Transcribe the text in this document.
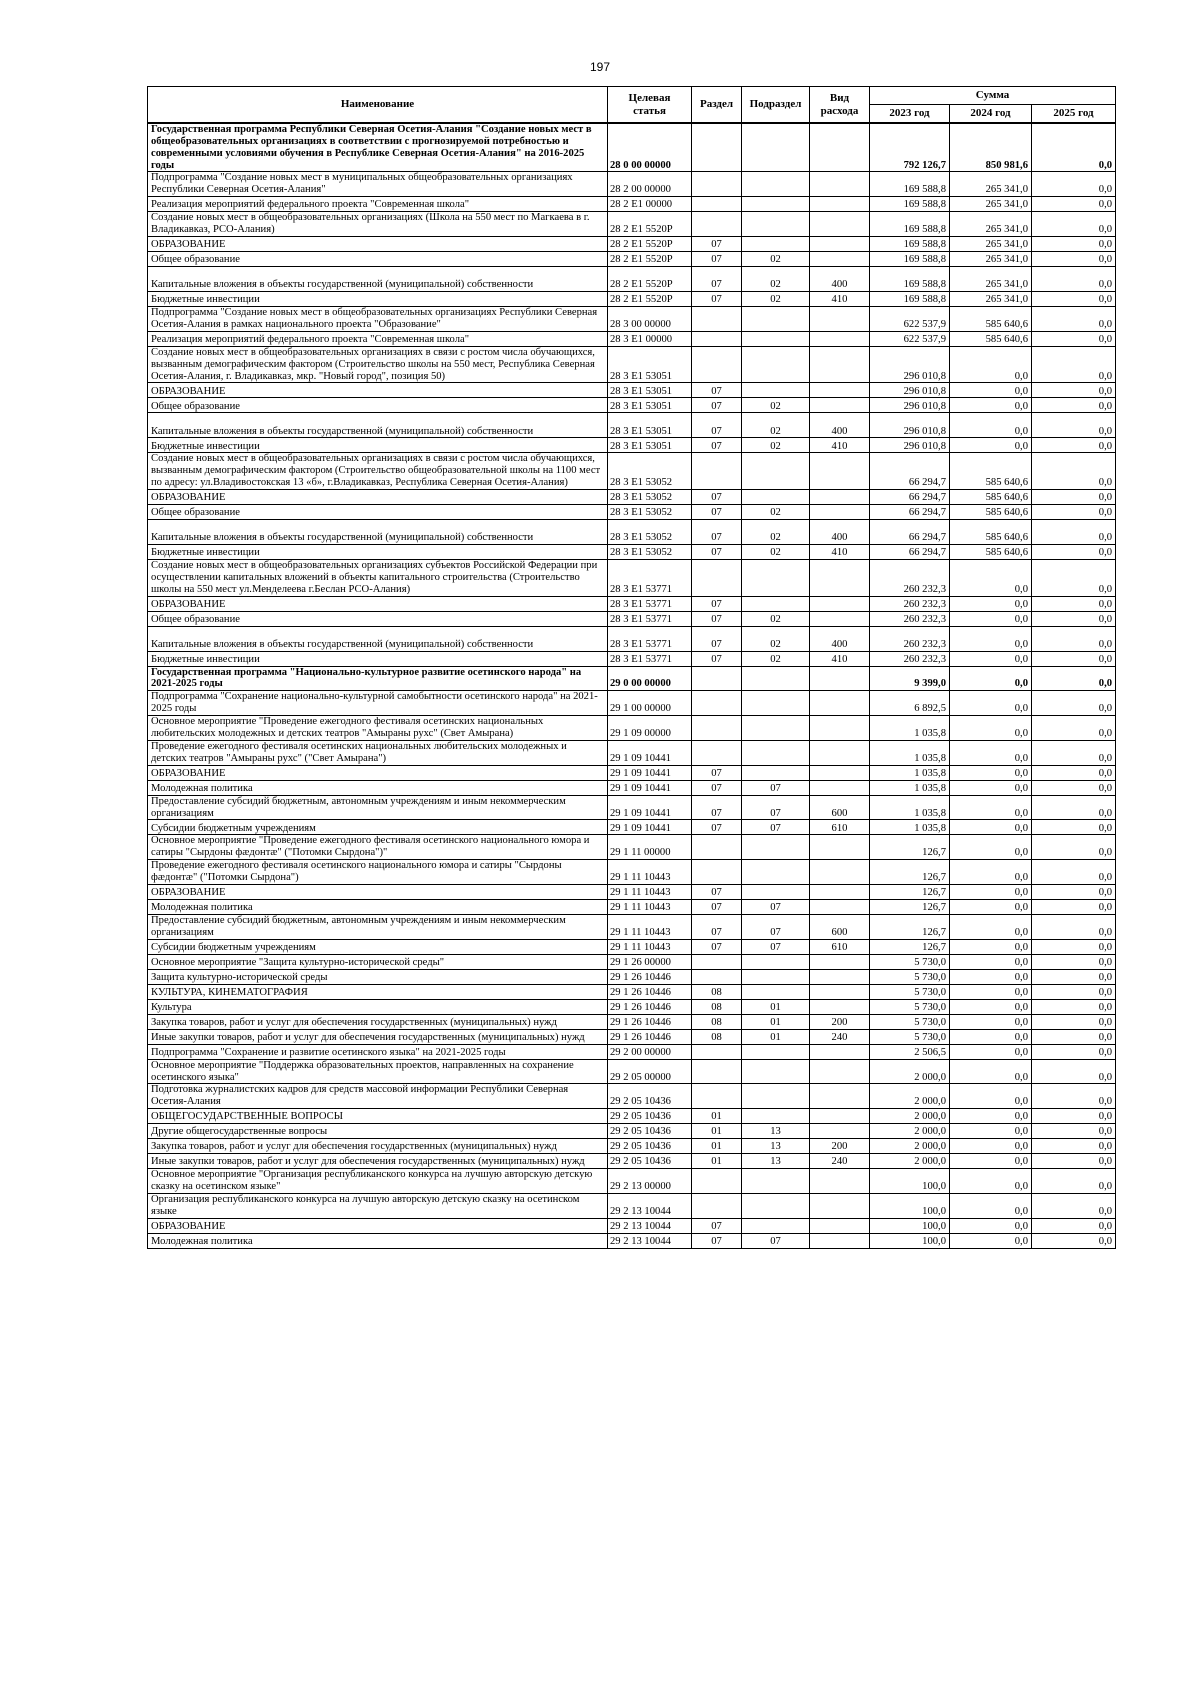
197
Наименование	Целевая статья	Раздел	Подраздел	Вид расхода	Сумма		
					2023 год	2024 год	2025 год
Государственная программа Республики Северная Осетия-Алания "Создание новых мест в общеобразовательных организациях в соответствии с прогнозируемой потребностью и современными условиями обучения в Республике Северная Осетия-Алания" на 2016-2025 годы	28 0 00 00000				792 126,7	850 981,6	0,0
Подпрограмма "Создание новых мест в муниципальных общеобразовательных организациях Республики Северная Осетия-Алания"	28 2 00 00000				169 588,8	265 341,0	0,0
Реализация мероприятий федерального проекта "Современная школа"	28 2 E1 00000				169 588,8	265 341,0	0,0
Создание новых мест в общеобразовательных организациях (Школа на 550 мест по Магкаева в г. Владикавказ, РСО-Алания)	28 2 E1 5520P				169 588,8	265 341,0	0,0
ОБРАЗОВАНИЕ	28 2 E1 5520P	07			169 588,8	265 341,0	0,0
Общее образование	28 2 E1 5520P	07	02		169 588,8	265 341,0	0,0
Капитальные вложения в объекты государственной (муниципальной) собственности	28 2 E1 5520P	07	02	400	169 588,8	265 341,0	0,0
Бюджетные инвестиции	28 2 E1 5520P	07	02	410	169 588,8	265 341,0	0,0
Подпрограмма "Создание новых мест в общеобразовательных организациях Республики Северная Осетия-Алания в рамках национального проекта "Образование"	28 3 00 00000				622 537,9	585 640,6	0,0
Реализация мероприятий федерального проекта "Современная школа"	28 3 E1 00000				622 537,9	585 640,6	0,0
Создание новых мест в общеобразовательных организациях в связи с ростом числа обучающихся, вызванным демографическим фактором (Строительство школы на 550 мест, Республика Северная Осетия-Алания, г. Владикавказ, мкр. "Новый город", позиция 50)	28 3 E1 53051				296 010,8	0,0	0,0
ОБРАЗОВАНИЕ	28 3 E1 53051	07			296 010,8	0,0	0,0
Общее образование	28 3 E1 53051	07	02		296 010,8	0,0	0,0
Капитальные вложения в объекты государственной (муниципальной) собственности	28 3 E1 53051	07	02	400	296 010,8	0,0	0,0
Бюджетные инвестиции	28 3 E1 53051	07	02	410	296 010,8	0,0	0,0
Создание новых мест в общеобразовательных организациях в связи с ростом числа обучающихся, вызванным демографическим фактором (Строительство общеобразовательной школы на 1100 мест по адресу: ул.Владивостокская 13 «б», г.Владикавказ, Республика Северная Осетия-Алания)	28 3 E1 53052				66 294,7	585 640,6	0,0
ОБРАЗОВАНИЕ	28 3 E1 53052	07			66 294,7	585 640,6	0,0
Общее образование	28 3 E1 53052	07	02		66 294,7	585 640,6	0,0
Капитальные вложения в объекты государственной (муниципальной) собственности	28 3 E1 53052	07	02	400	66 294,7	585 640,6	0,0
Бюджетные инвестиции	28 3 E1 53052	07	02	410	66 294,7	585 640,6	0,0
Создание новых мест в общеобразовательных организациях субъектов Российской Федерации при осуществлении капитальных вложений в объекты капитального строительства (Строительство школы на 550 мест ул.Менделеева г.Беслан РСО-Алания)	28 3 E1 53771				260 232,3	0,0	0,0
ОБРАЗОВАНИЕ	28 3 E1 53771	07			260 232,3	0,0	0,0
Общее образование	28 3 E1 53771	07	02		260 232,3	0,0	0,0
Капитальные вложения в объекты государственной (муниципальной) собственности	28 3 E1 53771	07	02	400	260 232,3	0,0	0,0
Бюджетные инвестиции	28 3 E1 53771	07	02	410	260 232,3	0,0	0,0
Государственная программа "Национально-культурное развитие осетинского народа" на 2021-2025 годы	29 0 00 00000				9 399,0	0,0	0,0
Подпрограмма "Сохранение национально-культурной самобытности осетинского народа" на 2021-2025 годы	29 1 00 00000				6 892,5	0,0	0,0
Основное мероприятие "Проведение ежегодного фестиваля осетинских национальных любительских молодежных и детских театров "Амыраны рухс" (Свет Амырана)	29 1 09 00000				1 035,8	0,0	0,0
Проведение ежегодного фестиваля осетинских национальных любительских молодежных и детских театров "Амыраны рухс" ("Свет Амырана")	29 1 09 10441				1 035,8	0,0	0,0
ОБРАЗОВАНИЕ	29 1 09 10441	07			1 035,8	0,0	0,0
Молодежная политика	29 1 09 10441	07	07		1 035,8	0,0	0,0
Предоставление субсидий бюджетным, автономным учреждениям и иным некоммерческим организациям	29 1 09 10441	07	07	600	1 035,8	0,0	0,0
Субсидии бюджетным учреждениям	29 1 09 10441	07	07	610	1 035,8	0,0	0,0
Основное мероприятие "Проведение ежегодного фестиваля осетинского национального юмора и сатиры "Сырдоны фæдонтæ" ("Потомки Сырдона")"	29 1 11 00000				126,7	0,0	0,0
Проведение ежегодного фестиваля осетинского национального юмора и сатиры "Сырдоны фæдонтæ" ("Потомки Сырдона")	29 1 11 10443				126,7	0,0	0,0
ОБРАЗОВАНИЕ	29 1 11 10443	07			126,7	0,0	0,0
Молодежная политика	29 1 11 10443	07	07		126,7	0,0	0,0
Предоставление субсидий бюджетным, автономным учреждениям и иным некоммерческим организациям	29 1 11 10443	07	07	600	126,7	0,0	0,0
Субсидии бюджетным учреждениям	29 1 11 10443	07	07	610	126,7	0,0	0,0
Основное мероприятие "Защита культурно-исторической среды"	29 1 26 00000				5 730,0	0,0	0,0
Защита культурно-исторической среды	29 1 26 10446				5 730,0	0,0	0,0
КУЛЬТУРА, КИНЕМАТОГРАФИЯ	29 1 26 10446	08			5 730,0	0,0	0,0
Культура	29 1 26 10446	08	01		5 730,0	0,0	0,0
Закупка товаров, работ и услуг для обеспечения государственных (муниципальных) нужд	29 1 26 10446	08	01	200	5 730,0	0,0	0,0
Иные закупки товаров, работ и услуг для обеспечения государственных (муниципальных) нужд	29 1 26 10446	08	01	240	5 730,0	0,0	0,0
Подпрограмма "Сохранение и развитие осетинского языка" на 2021-2025 годы	29 2 00 00000				2 506,5	0,0	0,0
Основное мероприятие "Поддержка образовательных проектов, направленных на сохранение осетинского языка"	29 2 05 00000				2 000,0	0,0	0,0
Подготовка журналистских кадров для средств массовой информации Республики Северная Осетия-Алания	29 2 05 10436				2 000,0	0,0	0,0
ОБЩЕГОСУДАРСТВЕННЫЕ ВОПРОСЫ	29 2 05 10436	01			2 000,0	0,0	0,0
Другие общегосударственные вопросы	29 2 05 10436	01	13		2 000,0	0,0	0,0
Закупка товаров, работ и услуг для обеспечения государственных (муниципальных) нужд	29 2 05 10436	01	13	200	2 000,0	0,0	0,0
Иные закупки товаров, работ и услуг для обеспечения государственных (муниципальных) нужд	29 2 05 10436	01	13	240	2 000,0	0,0	0,0
Основное мероприятие "Организация республиканского конкурса на лучшую авторскую детскую сказку на осетинском языке"	29 2 13 00000				100,0	0,0	0,0
Организация республиканского конкурса на лучшую авторскую детскую сказку на осетинском языке	29 2 13 10044				100,0	0,0	0,0
ОБРАЗОВАНИЕ	29 2 13 10044	07			100,0	0,0	0,0
Молодежная политика	29 2 13 10044	07	07		100,0	0,0	0,0
